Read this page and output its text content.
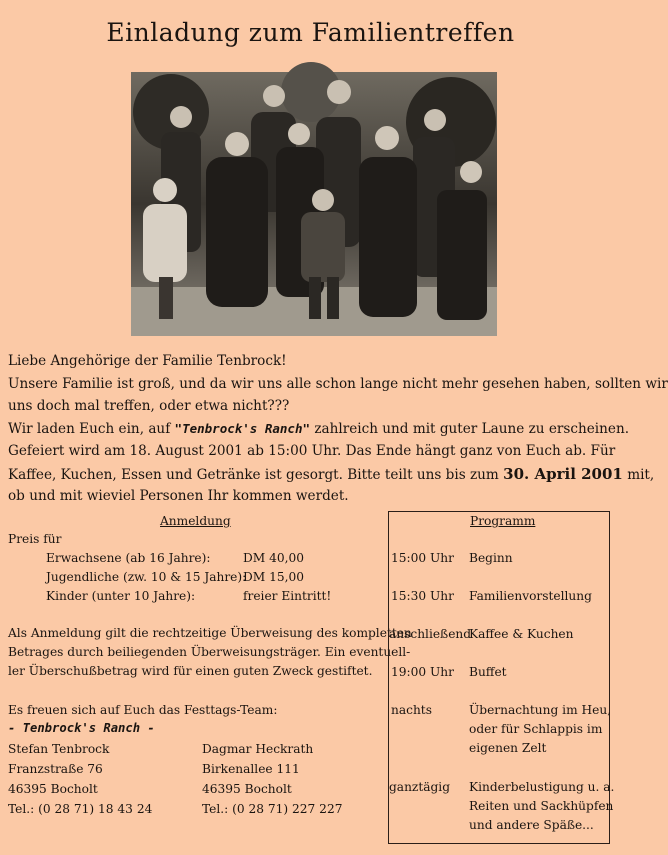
Einladung zum Familientreffen
Liebe Angehörige der Familie Tenbrock!
Unsere Familie ist groß, und da wir uns alle schon lange nicht mehr gesehen haben, sollten wir
uns doch mal treffen, oder etwa nicht???
Wir laden Euch ein, auf "Tenbrock's Ranch" zahlreich und mit guter Laune zu erscheinen.
Gefeiert wird am 18. August 2001 ab 15:00 Uhr. Das Ende hängt ganz von Euch ab. Für
Kaffee, Kuchen, Essen und Getränke ist gesorgt. Bitte teilt uns bis zum 30. April 2001 mit,
ob und mit wieviel Personen Ihr kommen werdet.
Anmeldung
Preis für
Erwachsene (ab 16 Jahre):	DM 40,00
Jugendliche (zw. 10 & 15 Jahre):
DM 15,00
Kinder (unter 10 Jahre):	freier Eintritt!
Als Anmeldung gilt die rechtzeitige Überweisung des kompletten
Betrages durch beiliegenden Überweisungsträger. Ein eventuell-
ler Überschußbetrag wird für einen guten Zweck gestiftet.
Es freuen sich auf Euch das Festtags-Team:
- Tenbrock's Ranch -
Stefan Tenbrock
Franzstraße 76
46395 Bocholt
Tel.: (0 28 71) 18 43 24
Dagmar Heckrath
Birkenallee 111
46395 Bocholt
Tel.: (0 28 71) 227 227
Programm
15:00 Uhr Beginn
15:30 Uhr Familienvorstellung
anschließend
Kaffee & Kuchen
19:00 Uhr Buffet
nachts	Übernachtung im Heu,
oder für Schlappis im
eigenen Zelt
ganztägig Kinderbelustigung u. a.
Reiten und Sackhüpfen
und andere Späße...
